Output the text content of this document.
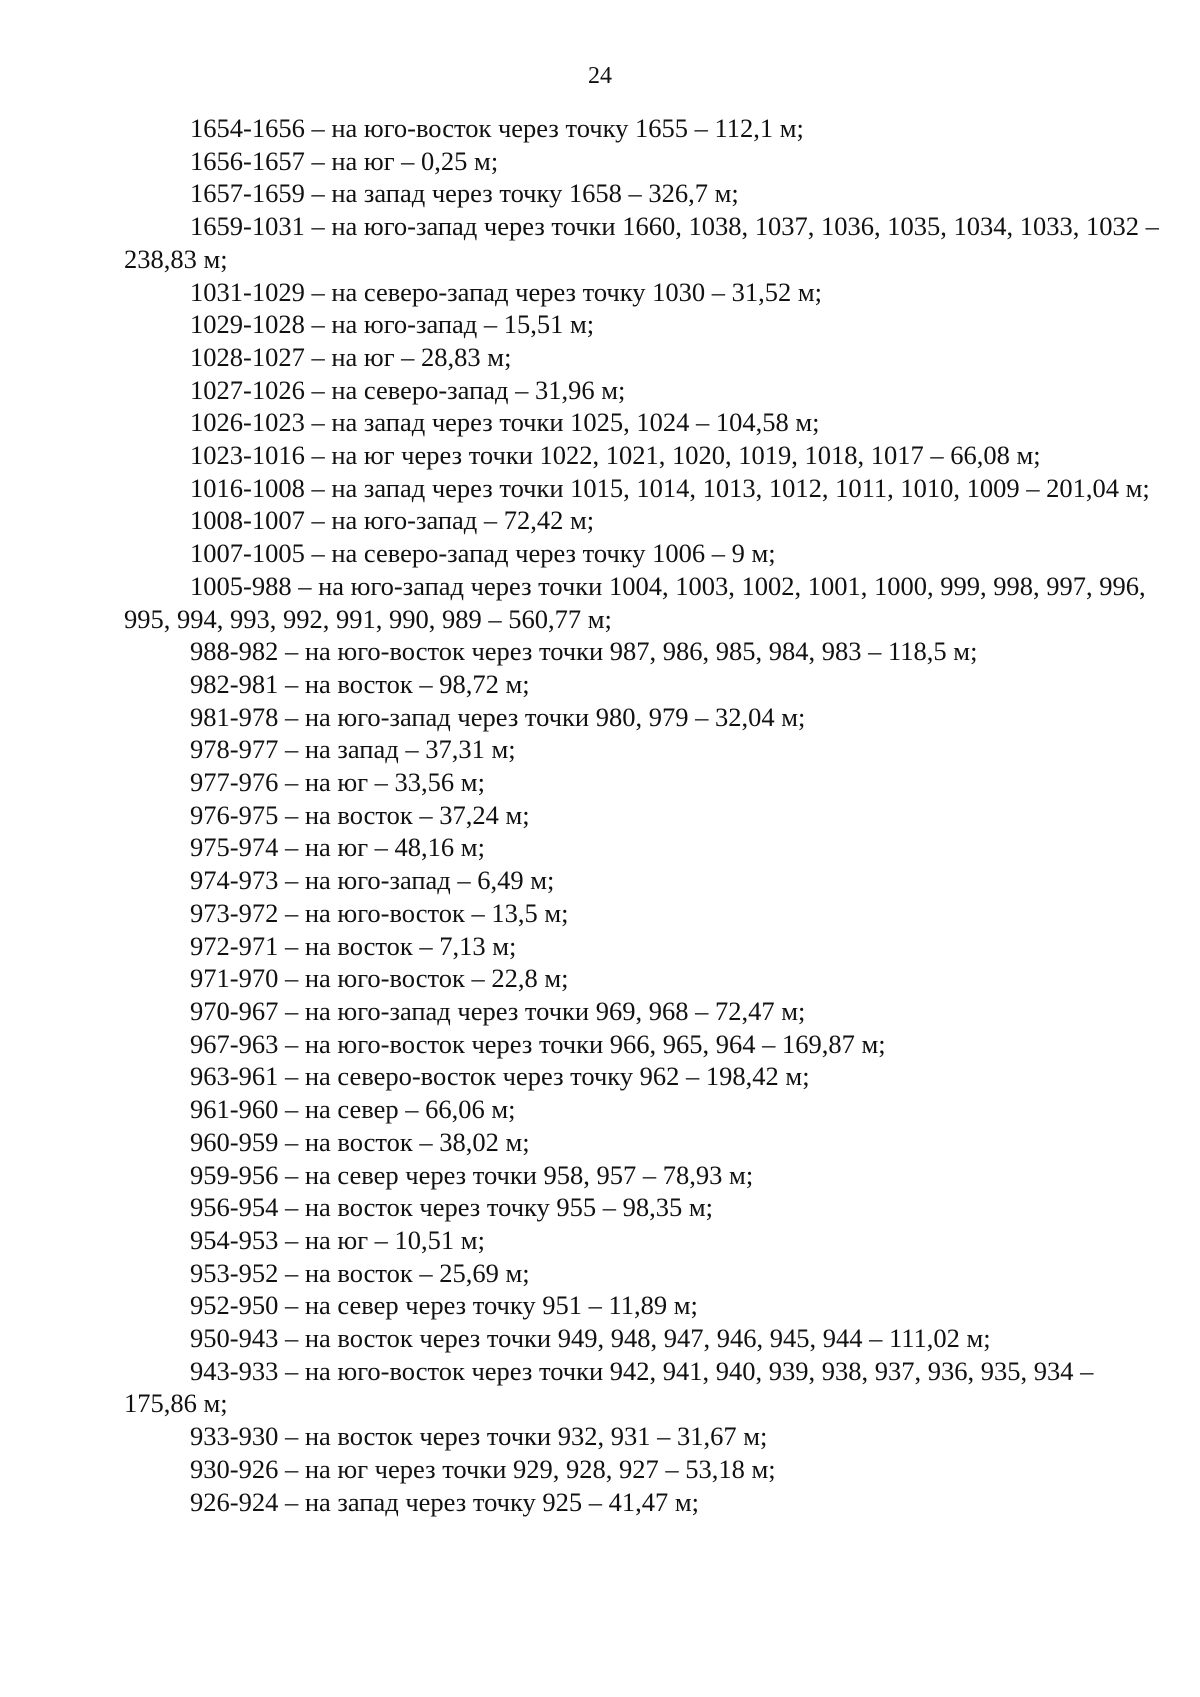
24
1654-1656 – на юго-восток через точку 1655 – 112,1 м;
1656-1657 – на юг – 0,25 м;
1657-1659 – на запад через точку 1658 – 326,7 м;
1659-1031 – на юго-запад через точки 1660, 1038, 1037, 1036, 1035, 1034, 1033, 1032 – 238,83 м;
1031-1029 – на северо-запад через точку 1030 – 31,52 м;
1029-1028 – на юго-запад – 15,51 м;
1028-1027 – на юг – 28,83 м;
1027-1026 – на северо-запад – 31,96 м;
1026-1023 – на запад через точки 1025, 1024 – 104,58 м;
1023-1016 – на юг через точки 1022, 1021, 1020, 1019, 1018, 1017 – 66,08 м;
1016-1008 – на запад через точки 1015, 1014, 1013, 1012, 1011, 1010, 1009 – 201,04 м;
1008-1007 – на юго-запад – 72,42 м;
1007-1005 – на северо-запад через точку 1006 – 9 м;
1005-988 – на юго-запад через точки 1004, 1003, 1002, 1001, 1000, 999, 998, 997, 996, 995, 994, 993, 992, 991, 990, 989 – 560,77 м;
988-982 – на юго-восток через точки 987, 986, 985, 984, 983 – 118,5 м;
982-981 – на восток – 98,72 м;
981-978 – на юго-запад через точки 980, 979 – 32,04 м;
978-977 – на запад – 37,31 м;
977-976 – на юг – 33,56 м;
976-975 – на восток – 37,24 м;
975-974 – на юг – 48,16 м;
974-973 – на юго-запад – 6,49 м;
973-972 – на юго-восток – 13,5 м;
972-971 – на восток – 7,13 м;
971-970 – на юго-восток – 22,8 м;
970-967 – на юго-запад через точки 969, 968 – 72,47 м;
967-963 – на юго-восток через точки 966, 965, 964 – 169,87 м;
963-961 – на северо-восток через точку 962 – 198,42 м;
961-960 – на север – 66,06 м;
960-959 – на восток – 38,02 м;
959-956 – на север через точки 958, 957 – 78,93 м;
956-954 – на восток через точку 955 – 98,35 м;
954-953 – на юг – 10,51 м;
953-952 – на восток – 25,69 м;
952-950 – на север через точку 951 – 11,89 м;
950-943 – на восток через точки 949, 948, 947, 946, 945, 944 – 111,02 м;
943-933 – на юго-восток через точки 942, 941, 940, 939, 938, 937, 936, 935, 934 – 175,86 м;
933-930 – на восток через точки 932, 931 – 31,67 м;
930-926 – на юг через точки 929, 928, 927 – 53,18 м;
926-924 – на запад через точку 925 – 41,47 м;
